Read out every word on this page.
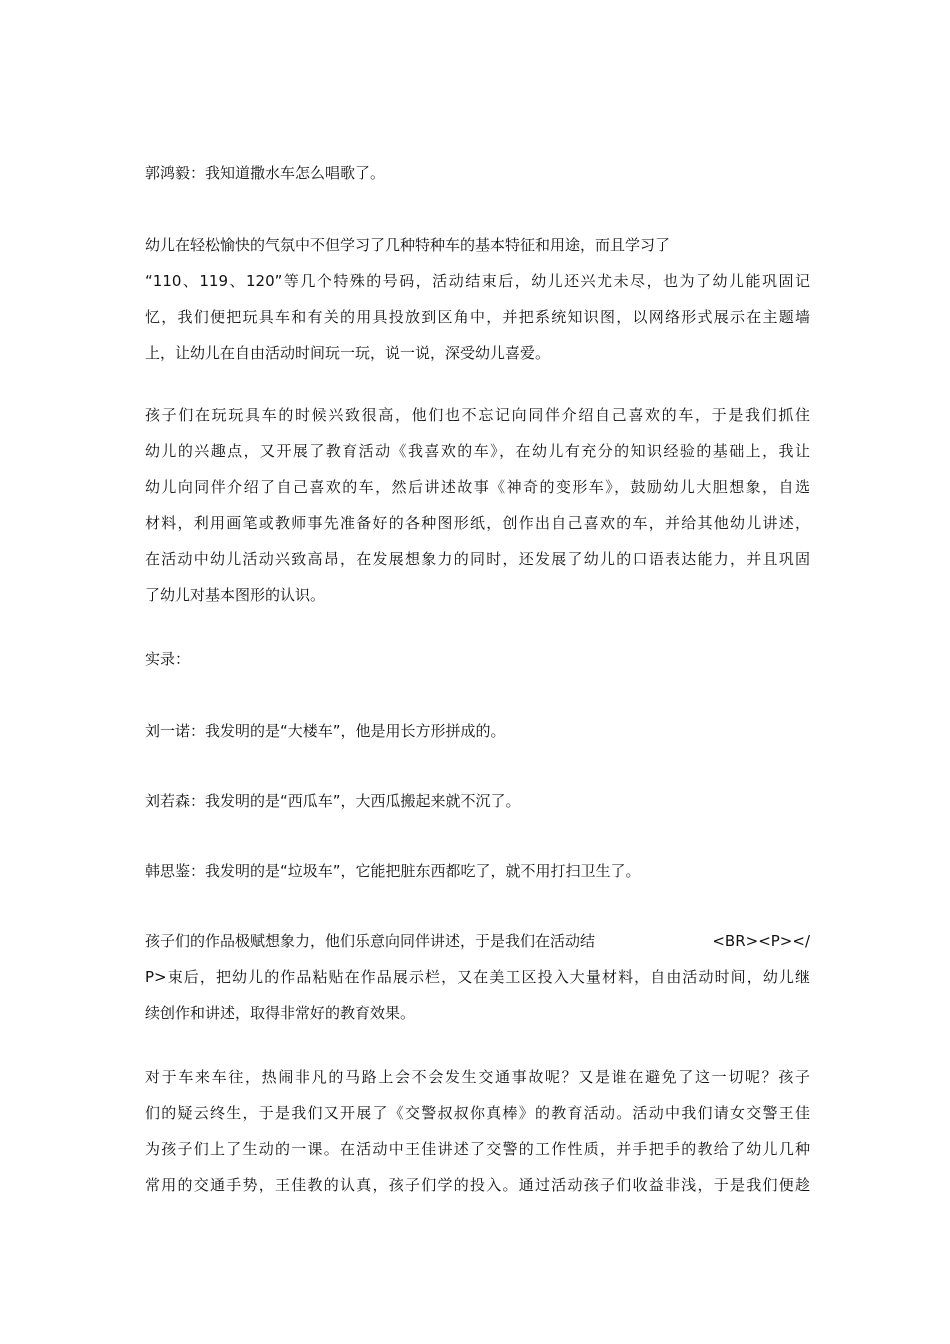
郭鸿毅：我知道撒水车怎么唱歌了。

幼儿在轻松愉快的气氛中不但学习了几种特种车的基本特征和用途，而且学习了
“110、119、120”等几个特殊的号码，活动结束后，幼儿还兴尤未尽，也为了幼儿能巩固记
忆，我们便把玩具车和有关的用具投放到区角中，并把系统知识图，以网络形式展示在主题墙
上，让幼儿在自由活动时间玩一玩，说一说，深受幼儿喜爱。

孩子们在玩玩具车的时候兴致很高，他们也不忘记向同伴介绍自己喜欢的车，于是我们抓住
幼儿的兴趣点，又开展了教育活动《我喜欢的车》，在幼儿有充分的知识经验的基础上，我让
幼儿向同伴介绍了自己喜欢的车，然后讲述故事《神奇的变形车》，鼓励幼儿大胆想象，自选
材料，利用画笔或教师事先准备好的各种图形纸，创作出自己喜欢的车，并给其他幼儿讲述，
在活动中幼儿活动兴致高昂，在发展想象力的同时，还发展了幼儿的口语表达能力，并且巩固
了幼儿对基本图形的认识。

实录：

刘一诺：我发明的是“大楼车”，他是用长方形拼成的。

刘若森：我发明的是“西瓜车”，大西瓜搬起来就不沉了。

韩思鉴：我发明的是“垃圾车”，它能把脏东西都吃了，就不用打扫卫生了。

孩子们的作品极赋想象力，他们乐意向同伴讲述，于是我们在活动结	<BR><P></
P>束后，把幼儿的作品粘贴在作品展示栏，又在美工区投入大量材料，自由活动时间，幼儿继
续创作和讲述，取得非常好的教育效果。

对于车来车往，热闹非凡的马路上会不会发生交通事故呢？又是谁在避免了这一切呢？孩子
们的疑云终生，于是我们又开展了《交警叔叔你真棒》的教育活动。活动中我们请女交警王佳
为孩子们上了生动的一课。在活动中王佳讲述了交警的工作性质，并手把手的教给了幼儿几种
常用的交通手势，王佳教的认真，孩子们学的投入。通过活动孩子们收益非浅，于是我们便趁
